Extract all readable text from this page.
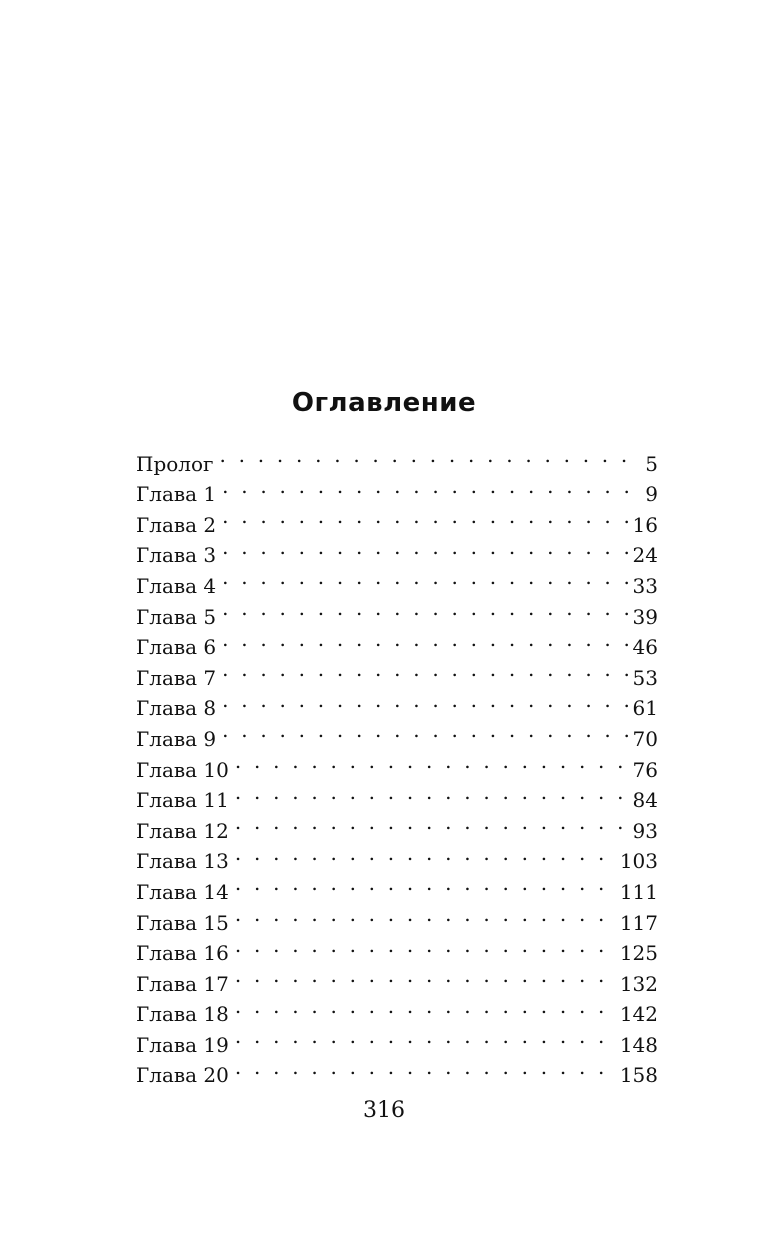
Оглавление
Пролог . . .	5
Глава 1 . . .	9
Глава 2 . . .	16
Глава 3 . . .	24
Глава 4 . . .	33
Глава 5 . . .	39
Глава 6 . . .	46
Глава 7 . . .	53
Глава 8 . . .	61
Глава 9 . . .	70
Глава 10 . . .	76
Глава 11 . . .	84
Глава 12 . . .	93
Глава 13 . . .	103
Глава 14 . . .	111
Глава 15 . . .	117
Глава 16 . . .	125
Глава 17 . . .	132
Глава 18 . . .	142
Глава 19 . . .	148
Глава 20 . . .	158
316
